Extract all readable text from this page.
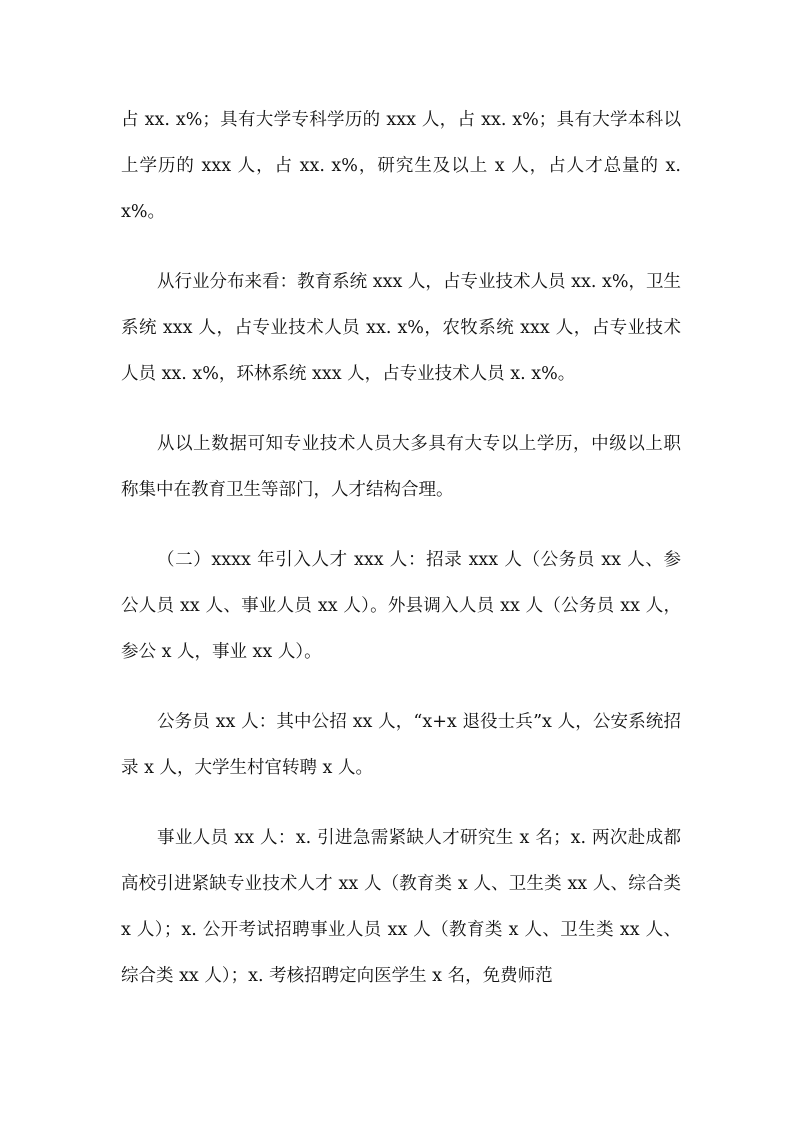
占 xx. x%；具有大学专科学历的 xxx 人，占 xx. x%；具有大学本科以上学历的 xxx 人，占 xx. x%，研究生及以上 x 人，占人才总量的 x. x%。

从行业分布来看：教育系统 xxx 人，占专业技术人员 xx. x%，卫生系统 xxx 人，占专业技术人员 xx. x%，农牧系统 xxx 人，占专业技术人员 xx. x%，环林系统 xxx 人，占专业技术人员 x. x%。

从以上数据可知专业技术人员大多具有大专以上学历，中级以上职称集中在教育卫生等部门，人才结构合理。

（二）xxxx 年引入人才 xxx 人：招录 xxx 人（公务员 xx 人、参公人员 xx 人、事业人员 xx 人）。外县调入人员 xx 人（公务员 xx 人，参公 x 人，事业 xx 人）。

公务员 xx 人：其中公招 xx 人，“x+x 退役士兵”x 人，公安系统招录 x 人，大学生村官转聘 x 人。

事业人员 xx 人：x. 引进急需紧缺人才研究生 x 名；x. 两次赴成都高校引进紧缺专业技术人才 xx 人（教育类 x 人、卫生类 xx 人、综合类 x 人）；x. 公开考试招聘事业人员 xx 人（教育类 x 人、卫生类 xx 人、综合类 xx 人）；x. 考核招聘定向医学生 x 名，免费师范
